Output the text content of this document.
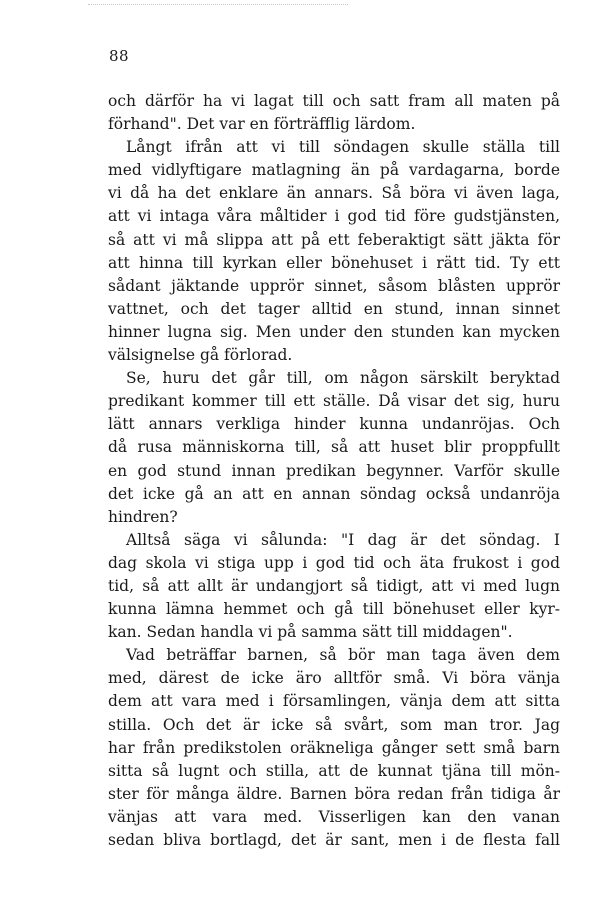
88
och därför ha vi lagat till och satt fram all maten på
förhand". Det var en förträfflig lärdom.
Långt ifrån att vi till söndagen skulle ställa till
med vidlyftigare matlagning än på vardagarna, borde
vi då ha det enklare än annars. Så böra vi även laga,
att vi intaga våra måltider i god tid före gudstjänsten,
så att vi må slippa att på ett feberaktigt sätt jäkta för
att hinna till kyrkan eller bönehuset i rätt tid. Ty ett
sådant jäktande upprör sinnet, såsom blåsten upprör
vattnet, och det tager alltid en stund, innan sinnet
hinner lugna sig. Men under den stunden kan mycken
välsignelse gå förlorad.
Se, huru det går till, om någon särskilt beryktad
predikant kommer till ett ställe. Då visar det sig, huru
lätt annars verkliga hinder kunna undanröjas. Och
då rusa människorna till, så att huset blir proppfullt
en god stund innan predikan begynner. Varför skulle
det icke gå an att en annan söndag också undanröja
hindren?
Alltså säga vi sålunda: "I dag är det söndag. I
dag skola vi stiga upp i god tid och äta frukost i god
tid, så att allt är undangjort så tidigt, att vi med lugn
kunna lämna hemmet och gå till bönehuset eller kyr-
kan. Sedan handla vi på samma sätt till middagen".
Vad beträffar barnen, så bör man taga även dem
med, därest de icke äro alltför små. Vi böra vänja
dem att vara med i församlingen, vänja dem att sitta
stilla. Och det är icke så svårt, som man tror. Jag
har från predikstolen oräkneliga gånger sett små barn
sitta så lugnt och stilla, att de kunnat tjäna till mön-
ster för många äldre. Barnen böra redan från tidiga år
vänjas att vara med. Visserligen kan den vanan
sedan bliva bortlagd, det är sant, men i de flesta fall
